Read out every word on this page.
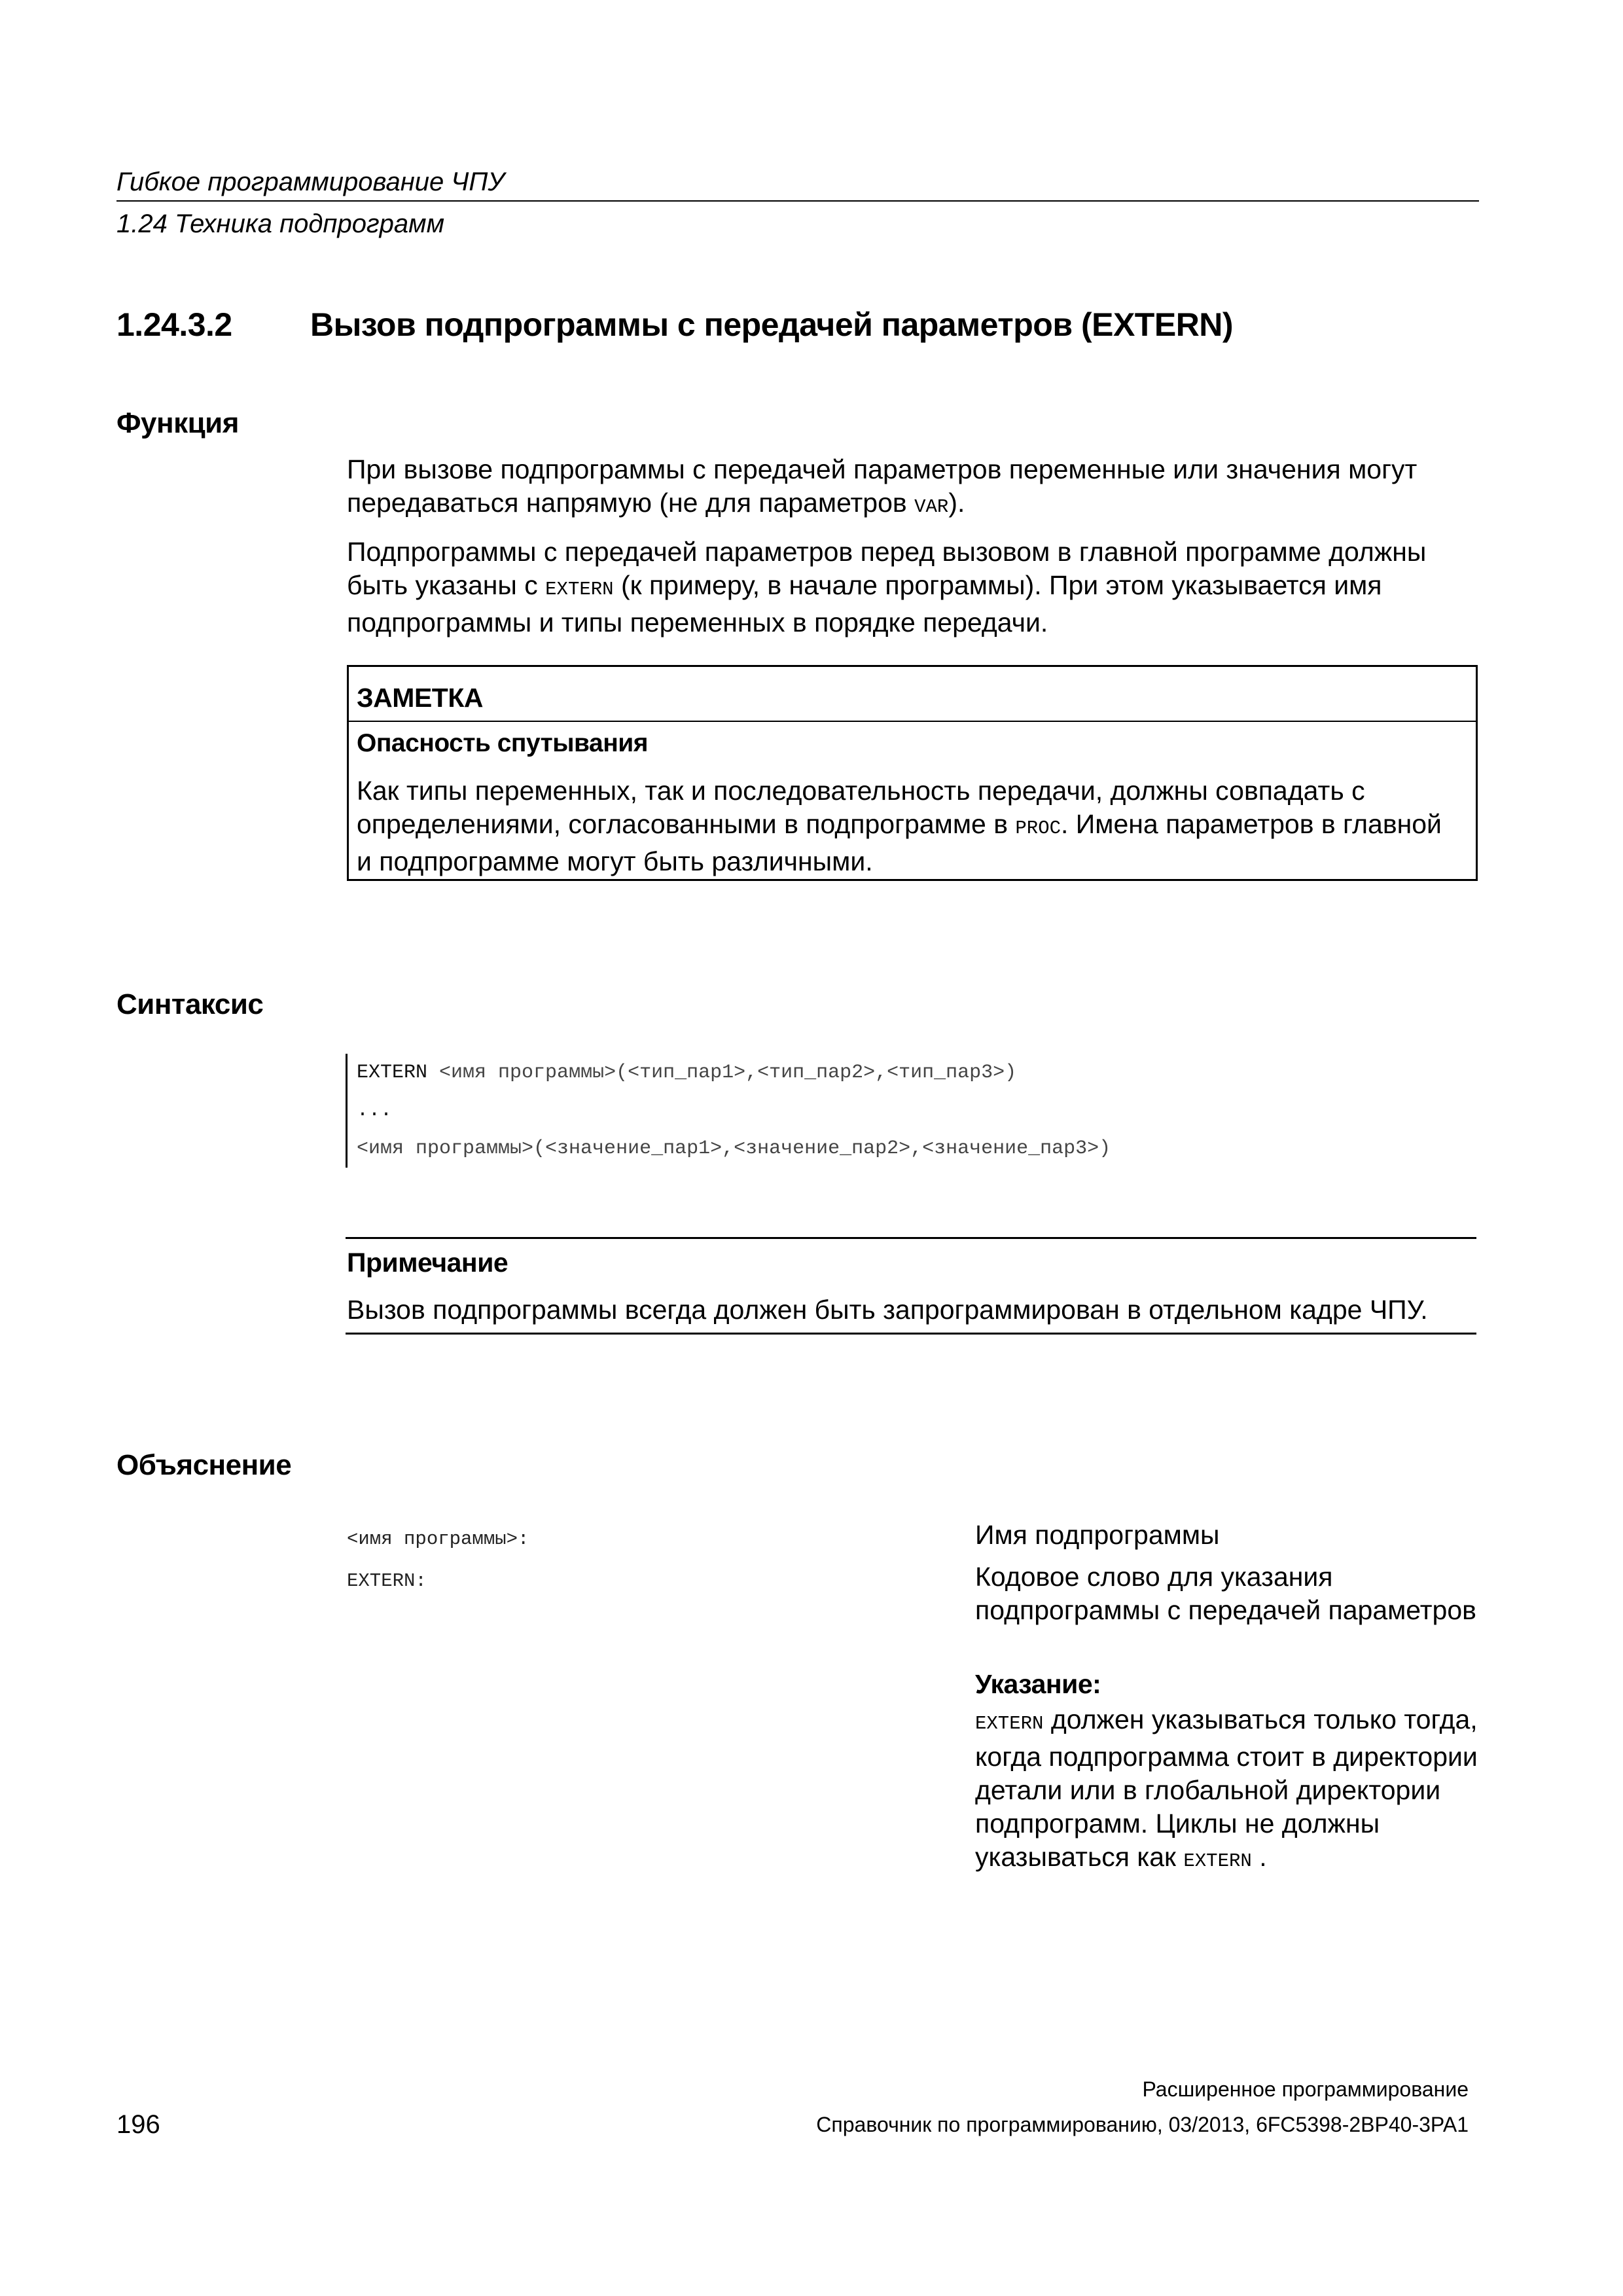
Гибкое программирование ЧПУ
1.24 Техника подпрограмм
1.24.3.2 Вызов подпрограммы с передачей параметров (EXTERN)
Функция
При вызове подпрограммы с передачей параметров переменные или значения могут передаваться напрямую (не для параметров VAR).
Подпрограммы с передачей параметров перед вызовом в главной программе должны быть указаны с EXTERN (к примеру, в начале программы). При этом указывается имя подпрограммы и типы переменных в порядке передачи.
ЗАМЕТКА
Опасность спутывания
Как типы переменных, так и последовательность передачи, должны совпадать с определениями, согласованными в подпрограмме в PROC. Имена параметров в главной и подпрограмме могут быть различными.
Синтаксис
EXTERN <имя программы>(<тип_пар1>,<тип_пар2>,<тип_пар3>)
...
<имя программы>(<значение_пар1>,<значение_пар2>,<значение_пар3>)
Примечание
Вызов подпрограммы всегда должен быть запрограммирован в отдельном кадре ЧПУ.
Объяснение
<имя программы>:	Имя подпрограммы
EXTERN:	Кодовое слово для указания подпрограммы с передачей параметров
Указание:
EXTERN должен указываться только тогда, когда подпрограмма стоит в директории детали или в глобальной директории подпрограмм. Циклы не должны указываться как EXTERN .
Расширенное программирование
196	Справочник по программированию, 03/2013, 6FC5398-2BP40-3PA1
